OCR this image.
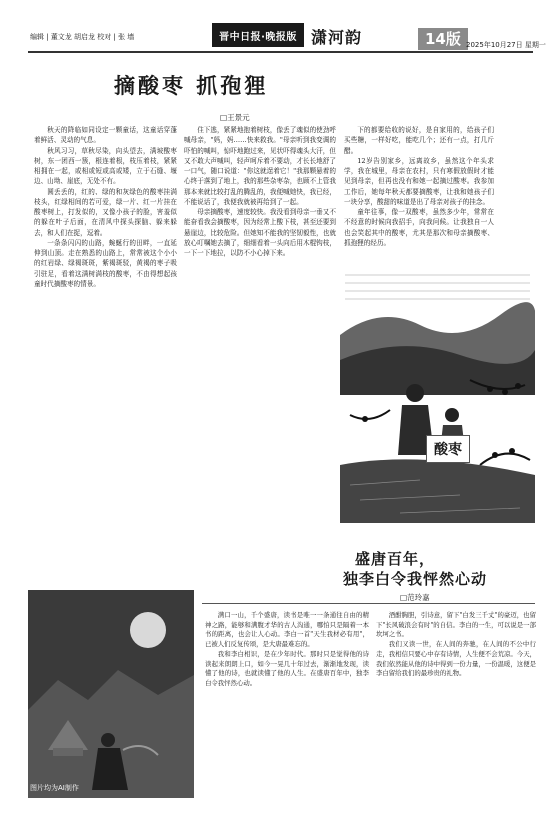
编辑 | 董文龙 胡启龙 校对 | 张 墙	晋中日报·晚报版 潇河韵	14版 2025年10月27日 星期一
摘酸枣 抓孢狸
□王景元

秋天的降临如同设定一颗童话，这童话穿蓬着鲜活、灵动的气息。

秋风习习，草秋尽染，向头望去，满坡酸枣树，东一团西一簇，根连着根，枝压着枝，紧紧相拥在一起，或相或短或高或矮，立于石缝、堰边、山坳、崖底，无处不有。

圆丢丢的，红的、绿的和灰绿色的酸枣挂满枝头，红绿相间的若可爱，绿一片、红一片挂在酸枣树上，打发似的，又像小孩子的脸，害羞似的躲在叶子后面，在清风中探头探脑、躲来躲去，和人们在捉，逗着。

一条条闪闪的山路，蜿蜒行的田畔，一直延伸到山顶。走在熟悉的山路上，常常被这个小小的红岩绿、绿褐斑斑，紫褐斑驳，黄褐的枣子吸引驻足，看着这满树满枝的酸枣，不由得想起孩童时代摘酸枣的情景。

住下逃，紧紧地抱着树枝，像丢了魂似的使劲呼喊母亲，"妈，妈……快来救我。"母亲听到我变调的吓怕的喊叫，惊吓地跑过来，见状吓得魂头大汗，但又不敢大声喊叫，轻声呵斥着不要动，才长长地舒了一口气，随口说道："你这就逞着它！"我那颗悬着的心终于落到了地上，我的那些杂枣杂，也顾不上管我那本来就比较打乱的腾乱的，我便喊她快，我已经，不能说话了，我便我就被再给到了一起。

母亲摘酸枣，速度较快。我没看到母亲一垂又不能奋看我会摘酸枣，因为经常上酸下枝，甚至还要到悬崖边，比较危险。但她知不能我的坚韧毅性，也就放心叮嘱她去摘了，细细看着一头向后用木棍钩枝，一下一下地拉，以防不小心掉下来。

下的都要给收的说好，是自家用的，给孩子们买些糖，一样好吃，能吃几个；还有一点，打几斤醋。

12岁告别家乡，远离故乡，虽然这个年头求学，我在城里，母亲在农村，只有寒假放假时才能见到母亲，但再也没有和她一起摘过酸枣。我参加工作后，她每年秋天都要摘酸枣，让我和她孩子们一块分享，酸甜的味道是出了母亲对孩子的挂念。

童年往事，像一双酸枣，虽然多少年，常常在不经意的时候向我招手，向我问候。让我独自一人也会笑起其中的酸枣，尤其是那次和母亲摘酸枣、抓孢狸的经历。

酸枣
盛唐百年，
独李白令我怦然心动
□范玲嘉

满口一山，千个盛唐，读书是唯一一条通往自由的精神之路，能够和满腹才华的古人沟通，哪怕只是隔着一本书的距离，也会让人心动。李白一首"天生我材必有用"，已被人们反复传颂，是大唐最难忘的。

我和李白相识，是在少年时代。那时只是觉得他的诗读起来朗朗上口，如今一晃几十年过去，渐渐地发现，读懂了他的诗，也就读懂了他的人生。在盛唐百年中，独李白令我怦然心动。

酒酣胸胆，引诗意，留下"白发三千丈"的豪迈，也留下"长风破浪会有时"的自信。李白的一生，可以说是一部坎坷之书。

我们又读一世，在人间的奔驰，在人间的不公中行走，我相信只要心中存有诗情，人生便不会荒凉。今天，我们依然能从他的诗中得到一份力量，一份温暖，这便是李白留给我们的最珍贵的礼物。

图片均为AI制作
